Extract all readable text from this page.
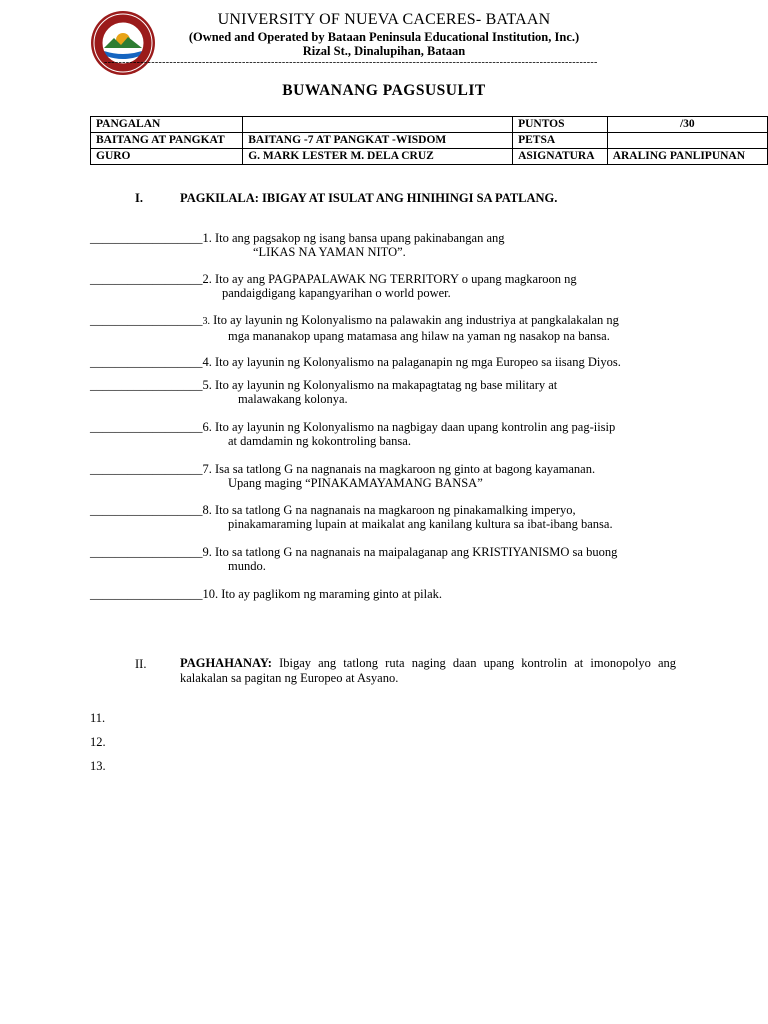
UNIVERSITY OF NUEVA CACERES- BATAAN
(Owned and Operated by Bataan Peninsula Educational Institution, Inc.)
Rizal St., Dinalupihan, Bataan
----------------------------------------------------------------------------------------------------------------------------------------
BUWANANG PAGSUSULIT
PANGALAN		PUNTOS	/30
BAITANG AT PANGKAT	BAITANG -7 AT PANGKAT -WISDOM	PETSA	
GURO	G. MARK LESTER M. DELA CRUZ	ASIGNATURA	ARALING PANLIPUNAN
I.	PAGKILALA: IBIGAY AT ISULAT ANG HINIHINGI SA PATLANG.
__________________1. Ito ang pagsakop ng isang bansa upang pakinabangan ang
“LIKAS NA YAMAN NITO”.
__________________2. Ito ay ang PAGPAPALAWAK NG TERRITORY o upang magkaroon ng
pandaigdigang kapangyarihan o world power.
__________________3. Ito ay layunin ng Kolonyalismo na palawakin ang industriya at pangkalakalan ng
mga mananakop upang matamasa ang hilaw na yaman ng nasakop na bansa.
__________________4. Ito ay layunin ng Kolonyalismo na palaganapin ng mga Europeo sa iisang Diyos.
__________________5. Ito ay layunin ng Kolonyalismo na makapagtatag ng base military at
malawakang kolonya.
__________________6. Ito ay layunin ng Kolonyalismo na nagbigay daan upang kontrolin ang pag-iisip
at damdamin ng kokontroling bansa.
__________________7. Isa sa tatlong G na nagnanais na magkaroon ng ginto at bagong kayamanan.
Upang maging “PINAKAMAYAMANG BANSA”
__________________8. Ito sa tatlong G na nagnanais na magkaroon ng pinakamalking imperyo,
pinakamaraming lupain at maikalat ang kanilang kultura sa ibat-ibang bansa.
__________________9. Ito sa tatlong G na nagnanais na maipalaganap ang KRISTIYANISMO sa buong
mundo.
__________________10. Ito ay paglikom ng maraming ginto at pilak.
II.	PAGHAHANAY: Ibigay ang tatlong ruta naging daan upang kontrolin at imonopolyo ang kalakalan sa pagitan ng Europeo at Asyano.
11.
12.
13.
